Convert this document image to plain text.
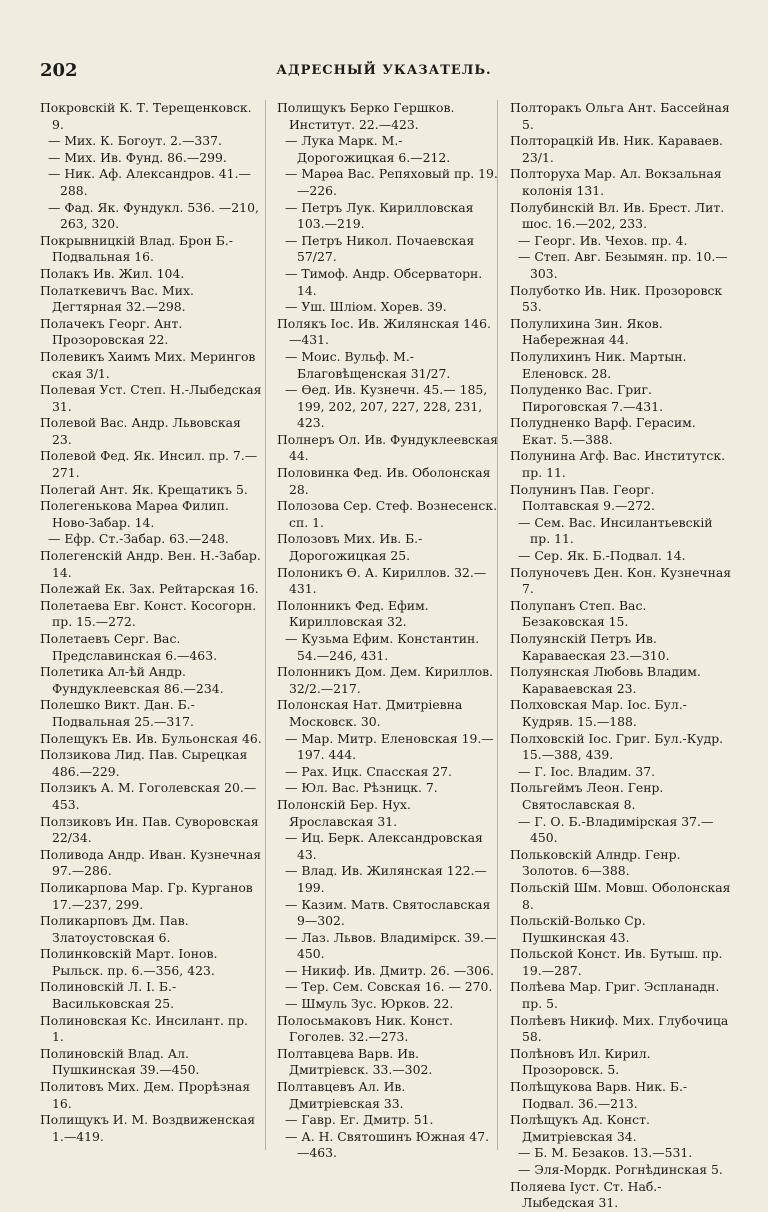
202	АДРЕСНЫЙ УКАЗАТЕЛЬ.
Покровскій К. Т. Терещенковск. 9.
— Мих. К. Богоут. 2.—337.
— Мих. Ив. Фунд. 86.—299.
— Ник. Аф. Александров. 41.—288.
— Фад. Як. Фундукл. 536. —210, 263, 320.
Покрывницкій Влад. Брон Б.-Подвальная 16.
Полакъ Ив. Жил. 104.
Полаткевичъ Вас. Мих. Дегтярная 32.—298.
Полачекъ Георг. Ант. Прозоровская 22.
Полевикъ Хаимъ Мих. Мерингов ская 3/1.
Полевая Уст. Степ. Н.-Лыбедская 31.
Полевой Вас. Андр. Львовская 23.
Полевой Фед. Як. Инсил. пр. 7.—271.
Полегай Ант. Як. Крещатикъ 5.
Полегенькова Марѳа Филип. Ново-Забар. 14.
— Ефр. Ст.-Забар. 63.—248.
Полегенскій Андр. Вен. Н.-Забар. 14.
Полежай Ек. Зах. Рейтарская 16.
Полетаева Евг. Конст. Косогорн. пр. 15.—272.
Полетаевъ Серг. Вас. Предславинская 6.—463.
Полетика Ал-ѣй Андр. Фундуклеевская 86.—234.
Полешко Викт. Дан. Б.-Подвальная 25.—317.
Полещукъ Ев. Ив. Бульонская 46.
Ползикова Лид. Пав. Сырецкая 486.—229.
Ползикъ А. М. Гоголевская 20.—453.
Ползиковъ Ин. Пав. Суворовская 22/34.
Поливода Андр. Иван. Кузнечная 97.—286.
Поликарпова Мар. Гр. Курганов 17.—237, 299.
Поликарповъ Дм. Пав. Златоустовская 6.
Полинковскій Март. Іонов. Рыльск. пр. 6.—356, 423.
Полиновскій Л. І. Б.-Васильковская 25.
Полиновская Кс. Инсилант. пр. 1.
Полиновскій Влад. Ал. Пушкинская 39.—450.
Политовъ Мих. Дем. Прорѣзная 16.
Полищукъ И. М. Воздвиженская 1.—419.
Полищукъ Берко Гершков. Институт. 22.—423.
— Лука Марк. М.-Дорогожицкая 6.—212.
— Марѳа Вас. Репяховый пр. 19.—226.
— Петръ Лук. Кирилловская 103.—219.
— Петръ Никол. Почаевская 57/27.
— Тимоф. Андр. Обсерваторн. 14.
— Уш. Шліом. Хорев. 39.
Полякъ Іос. Ив. Жилянская 146.—431.
— Моис. Вульф. М.-Благовѣщенская 31/27.
— Ѳед. Ив. Кузнечн. 45.— 185, 199, 202, 207, 227, 228, 231, 423.
Полнеръ Ол. Ив. Фундуклеевская 44.
Половинка Фед. Ив. Оболонская 28.
Полозова Сер. Стеф. Вознесенск. сп. 1.
Полозовъ Мих. Ив. Б.-Дорогожицкая 25.
Полоникъ Ѳ. А. Кириллов. 32.—431.
Полонникъ Фед. Ефим. Кирилловская 32.
— Кузьма Ефим. Константин. 54.—246, 431.
Полонникъ Дом. Дем. Кириллов. 32/2.—217.
Полонская Нат. Дмитріевна Московск. 30.
— Мар. Митр. Еленовская 19.—197. 444.
— Рах. Ицк. Спасская 27.
— Юл. Вас. Рѣзницк. 7.
Полонскій Бер. Нух. Ярославская 31.
— Иц. Берк. Александровская 43.
— Влад. Ив. Жилянская 122.—199.
— Казим. Матв. Святославская 9—302.
— Лаз. Львов. Владимірск. 39.—450.
— Никиф. Ив. Дмитр. 26. —306.
— Тер. Сем. Совская 16. — 270.
— Шмуль Зус. Юрков. 22.
Полосьмаковъ Ник. Конст. Гоголев. 32.—273.
Полтавцева Варв. Ив. Дмитріевск. 33.—302.
Полтавцевъ Ал. Ив. Дмитріевская 33.
— Гавр. Ег. Дмитр. 51.
— А. Н. Святошинъ Южная 47.—463.
Полторакъ Ольга Ант. Бассейная 5.
Полторацкій Ив. Ник. Караваев. 23/1.
Полторуха Мар. Ал. Вокзальная колонія 131.
Полубинскій Вл. Ив. Брест. Лит. шос. 16.—202, 233.
— Георг. Ив. Чехов. пр. 4.
— Степ. Авг. Безымян. пр. 10.—303.
Полуботко Ив. Ник. Прозоровск 53.
Полулихина Зин. Яков. Набережная 44.
Полулихинъ Ник. Мартын. Еленовск. 28.
Полуденко Вас. Григ. Пироговская 7.—431.
Полудненко Варф. Герасим. Екат. 5.—388.
Полунина Агф. Вас. Институтск. пр. 11.
Полунинъ Пав. Георг. Полтавская 9.—272.
— Сем. Вас. Инсилантьевскій пр. 11.
— Сер. Як. Б.-Подвал. 14.
Полуночевъ Ден. Кон. Кузнечная 7.
Полупанъ Степ. Вас. Безаковская 15.
Полуянскій Петръ Ив. Караваеская 23.—310.
Полуянская Любовь Владим. Караваевская 23.
Полховская Мар. Іос. Бул.-Кудряв. 15.—188.
Полховскій Іос. Григ. Бул.-Кудр. 15.—388, 439.
— Г. Іос. Владим. 37.
Польгеймъ Леон. Генр. Святославская 8.
— Г. О. Б.-Владимірская 37.—450.
Польковскій Алндр. Генр. Золотов. 6—388.
Польскій Шм. Мовш. Оболонская 8.
Польскій-Волько Ср. Пушкинская 43.
Польской Конст. Ив. Бутыш. пр. 19.—287.
Полѣева Мар. Григ. Эспланадн. пр. 5.
Полѣевъ Никиф. Мих. Глубочица 58.
Полѣновъ Ил. Кирил. Прозоровск. 5.
Полѣщукова Варв. Ник. Б.-Подвал. 36.—213.
Полѣщукъ Ад. Конст. Дмитріевская 34.
— Б. М. Безаков. 13.—531.
— Эля-Мордк. Рогнѣдинская 5.
Поляева Іуст. Ст. Наб.-Лыбедская 31.
